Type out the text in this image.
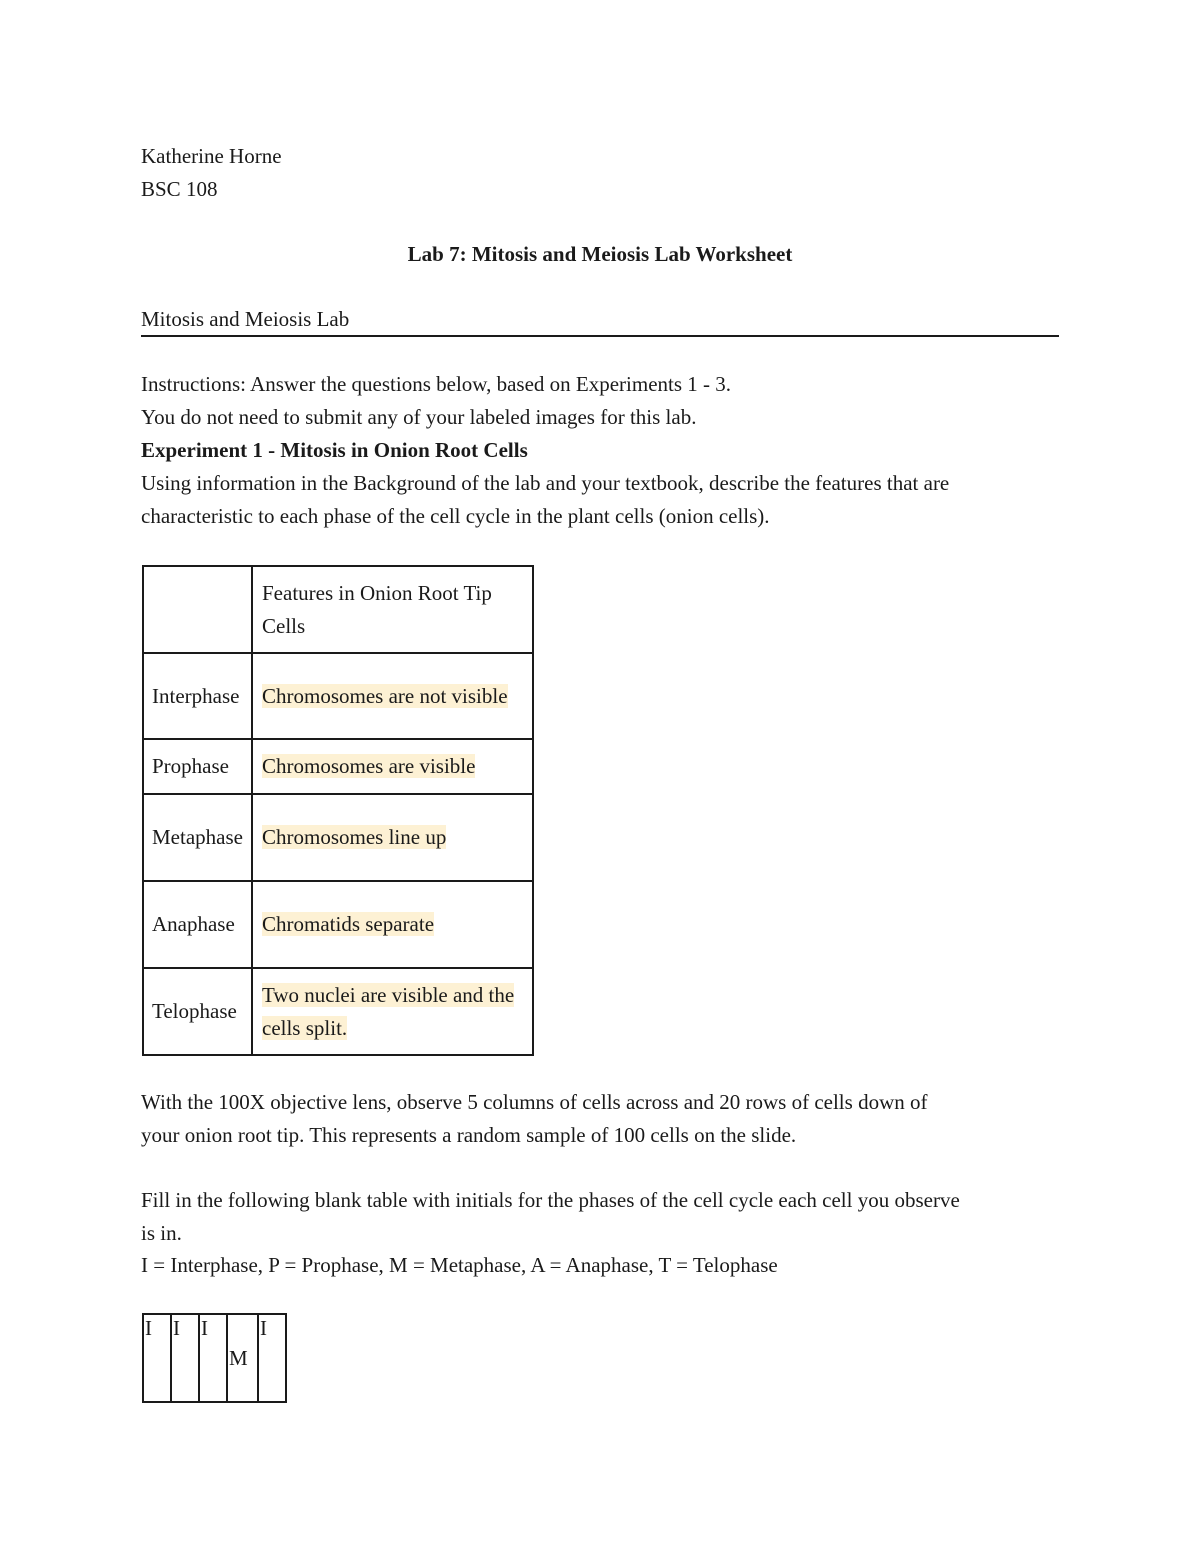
Katherine Horne
BSC 108
Lab 7: Mitosis and Meiosis Lab Worksheet
Mitosis and Meiosis Lab
Instructions: Answer the questions below, based on Experiments 1 - 3.
You do not need to submit any of your labeled images for this lab.
Experiment 1 - Mitosis in Onion Root Cells
Using information in the Background of the lab and your textbook, describe the features that are
characteristic to each phase of the cell cycle in the plant cells (onion cells).
	Features in Onion Root Tip Cells
Interphase	Chromosomes are not visible
Prophase	Chromosomes are visible
Metaphase	Chromosomes line up
Anaphase	Chromatids separate
Telophase	Two nuclei are visible and the cells split.
With the 100X objective lens, observe 5 columns of cells across and 20 rows of cells down of
your onion root tip. This represents a random sample of 100 cells on the slide.
Fill in the following blank table with initials for the phases of the cell cycle each cell you observe
is in.
I = Interphase, P = Prophase, M = Metaphase, A = Anaphase, T = Telophase
I	I	I	M	I
